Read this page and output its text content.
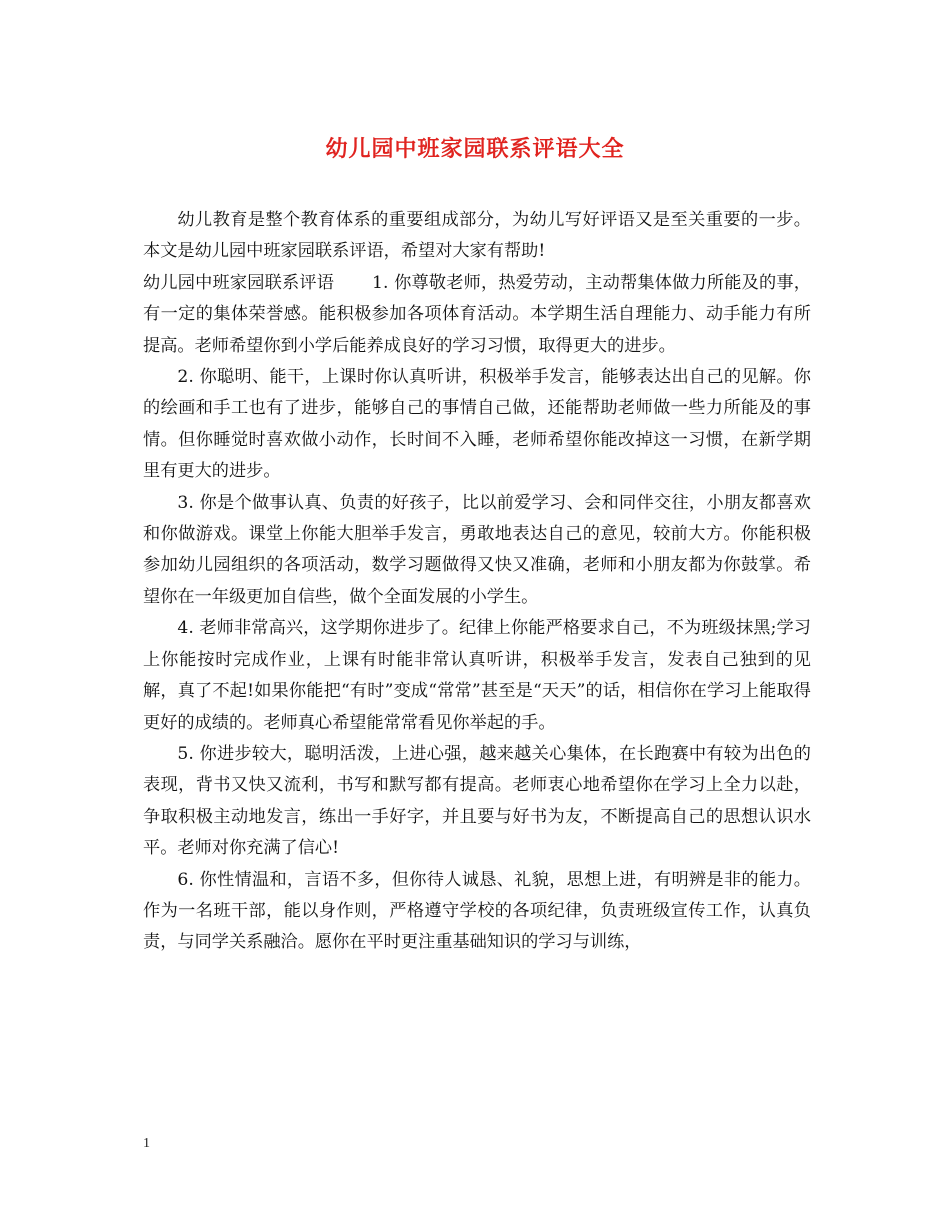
幼儿园中班家园联系评语大全

幼儿教育是整个教育体系的重要组成部分，为幼儿写好评语又是至关重要的一步。本文是幼儿园中班家园联系评语，希望对大家有帮助!

幼儿园中班家园联系评语 1. 你尊敬老师，热爱劳动，主动帮集体做力所能及的事，有一定的集体荣誉感。能积极参加各项体育活动。本学期生活自理能力、动手能力有所提高。老师希望你到小学后能养成良好的学习习惯，取得更大的进步。

2. 你聪明、能干，上课时你认真听讲，积极举手发言，能够表达出自己的见解。你的绘画和手工也有了进步，能够自己的事情自己做，还能帮助老师做一些力所能及的事情。但你睡觉时喜欢做小动作，长时间不入睡，老师希望你能改掉这一习惯，在新学期里有更大的进步。

3. 你是个做事认真、负责的好孩子，比以前爱学习、会和同伴交往，小朋友都喜欢和你做游戏。课堂上你能大胆举手发言，勇敢地表达自己的意见，较前大方。你能积极参加幼儿园组织的各项活动，数学习题做得又快又准确，老师和小朋友都为你鼓掌。希望你在一年级更加自信些，做个全面发展的小学生。

4. 老师非常高兴，这学期你进步了。纪律上你能严格要求自己，不为班级抹黑;学习上你能按时完成作业，上课有时能非常认真听讲，积极举手发言，发表自己独到的见解，真了不起!如果你能把“有时”变成“常常”甚至是“天天”的话，相信你在学习上能取得更好的成绩的。老师真心希望能常常看见你举起的手。

5. 你进步较大，聪明活泼，上进心强，越来越关心集体，在长跑赛中有较为出色的表现，背书又快又流利，书写和默写都有提高。老师衷心地希望你在学习上全力以赴，争取积极主动地发言，练出一手好字，并且要与好书为友，不断提高自己的思想认识水平。老师对你充满了信心!

6. 你性情温和，言语不多，但你待人诚恳、礼貌，思想上进，有明辨是非的能力。作为一名班干部，能以身作则，严格遵守学校的各项纪律，负责班级宣传工作，认真负责，与同学关系融洽。愿你在平时更注重基础知识的学习与训练，

1
